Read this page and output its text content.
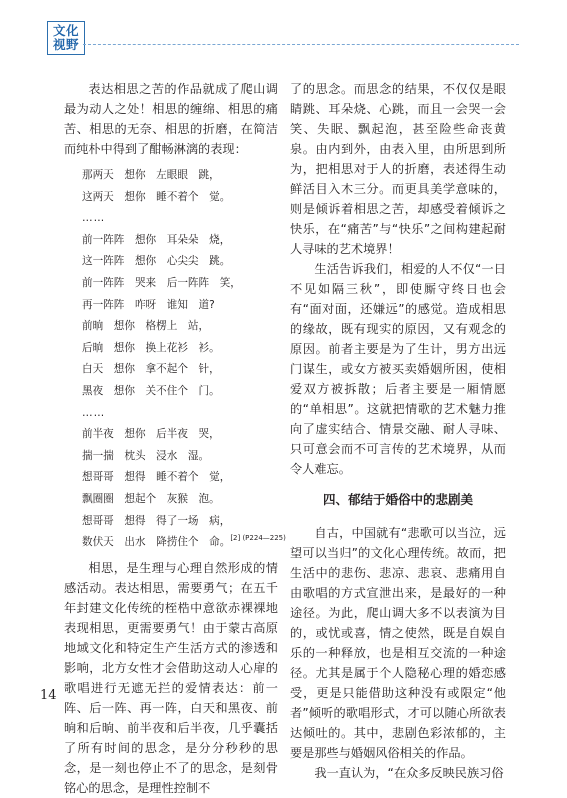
文化
视野

表达相思之苦的作品就成了爬山调最为动人之处！相思的缠绵、相思的痛苦、相思的无奈、相思的折磨，在简洁而纯朴中得到了酣畅淋漓的表现：

那两天　想你　左眼眼　跳，
这两天　想你　睡不着个　觉。
……
前一阵阵　想你　耳朵朵　烧，
这一阵阵　想你　心尖尖　跳。
前一阵阵　哭来　后一阵阵　笑，
再一阵阵　咋呀　谁知　道?
前晌　想你　格楞上　站，
后晌　想你　换上花衫　衫。
白天　想你　拿不起个　针，
黑夜　想你　关不住个　门。
……
前半夜　想你　后半夜　哭，
揣一揣　枕头　浸水　湿。
想哥哥　想得　睡不着个　觉，
飘圈圈　想起个　灰猴　泡。
想哥哥　想得　得了一场　病，
数伏天　出水　降捞住个　命。$^{[2] (P224—225)}$

相思，是生理与心理自然形成的情感活动。表达相思，需要勇气；在五千年封建文化传统的桎梏中意欲赤裸裸地表现相思，更需要勇气！由于蒙古高原地域文化和特定生产生活方式的渗透和影响，北方女性才会借助这动人心扉的歌唱进行无遮无拦的爱情表达：前一阵、后一阵、再一阵，白天和黑夜、前晌和后晌、前半夜和后半夜，几乎囊括了所有时间的思念，是分分秒秒的思念，是一刻也停止不了的思念，是刻骨铭心的思念，是理性控制不

了的思念。而思念的结果，不仅仅是眼睛跳、耳朵烧、心跳，而且一会哭一会笑、失眠、飘起泡，甚至险些命丧黄泉。由内到外，由表入里，由所思到所为，把相思对于人的折磨，表述得生动鲜活目入木三分。而更具美学意味的，则是倾诉着相思之苦，却感受着倾诉之快乐，在“痛苦”与“快乐”之间构建起耐人寻味的艺术境界！

生活告诉我们，相爱的人不仅“一日不见如隔三秋”，即使厮守终日也会有“面对面，还嫌远”的感觉。造成相思的缘故，既有现实的原因，又有观念的原因。前者主要是为了生计，男方出远门谋生，或女方被买卖婚姻所困，使相爱双方被拆散；后者主要是一厢情愿的“单相思”。这就把情歌的艺术魅力推向了虚实结合、情景交融、耐人寻味、只可意会而不可言传的艺术境界，从而令人难忘。

四、郁结于婚俗中的悲剧美

自古，中国就有“悲歌可以当泣，远望可以当归”的文化心理传统。故而，把生活中的悲伤、悲凉、悲哀、悲痛用自由歌唱的方式宣泄出来，是最好的一种途径。为此，爬山调大多不以表演为目的，或忧或喜，情之使然，既是自娱自乐的一种释放，也是相互交流的一种途径。尤其是属于个人隐秘心理的婚恋感受，更是只能借助这种没有或限定“他者”倾听的歌唱形式，才可以随心所欲表达倾吐的。其中，悲剧色彩浓郁的，主要是那些与婚姻风俗相关的作品。

我一直认为，“在众多反映民族习俗

14
